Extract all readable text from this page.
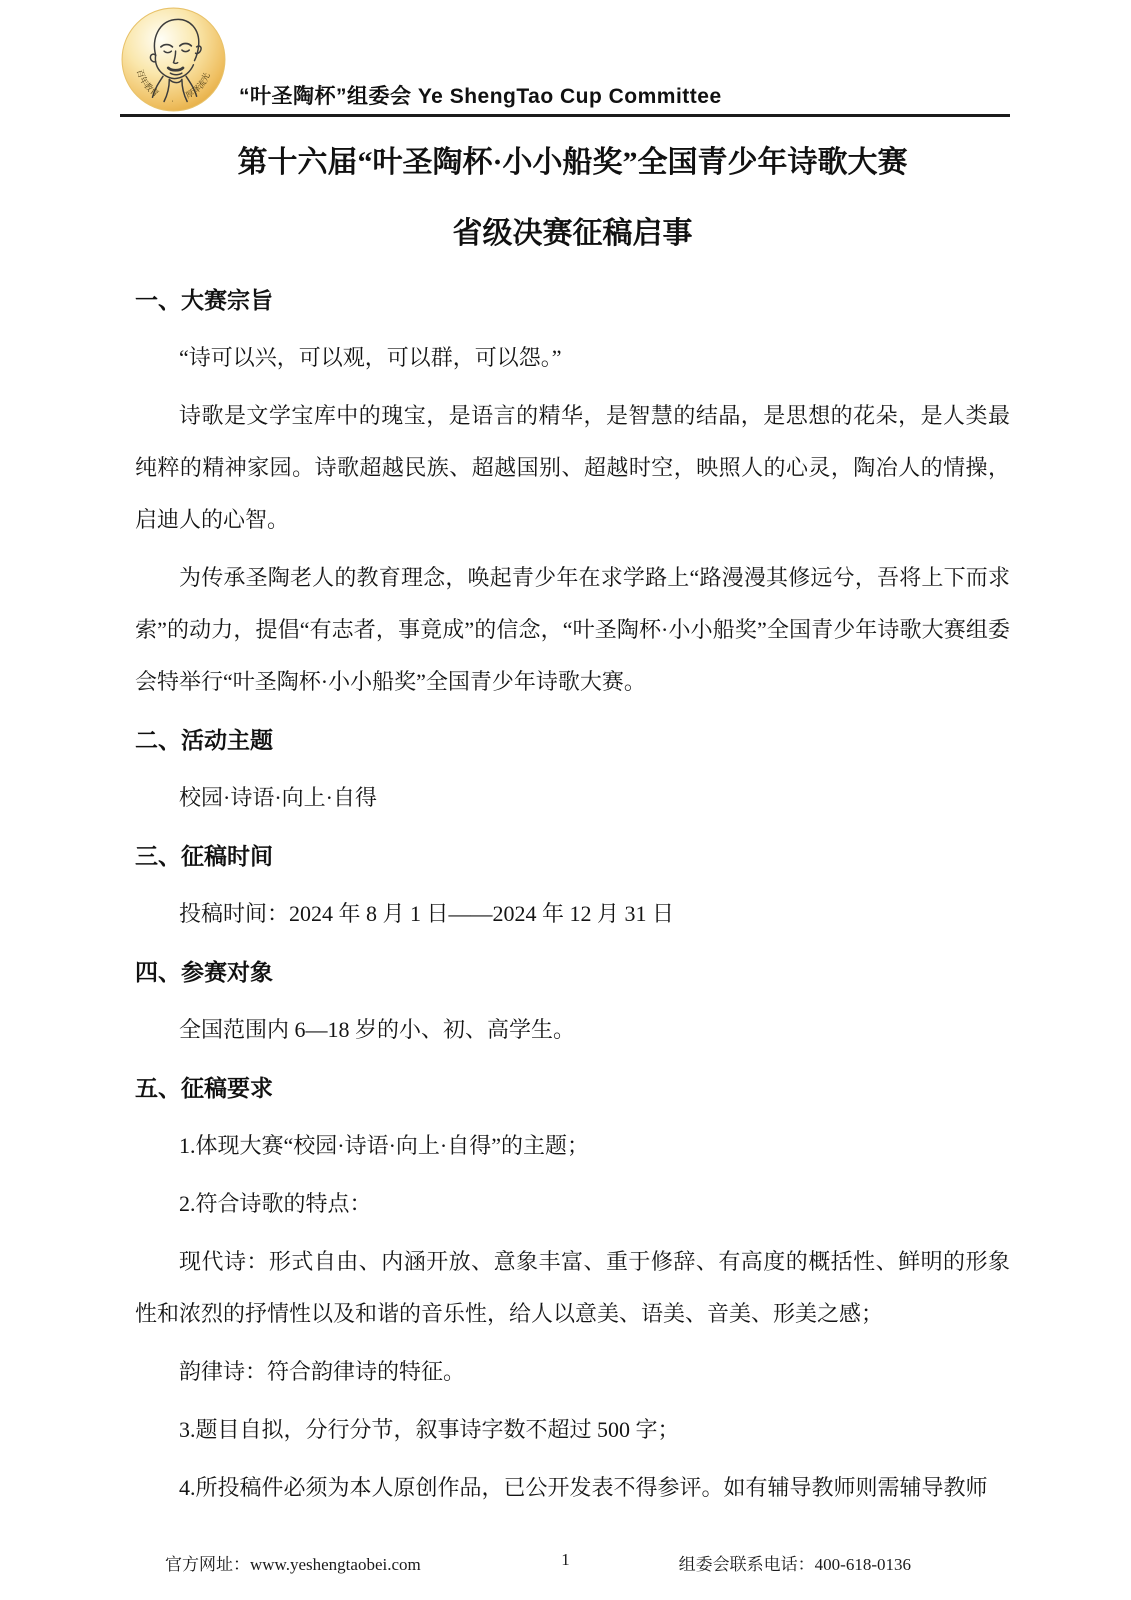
百年教育	厚泽流光
·	“叶圣陶杯”组委会 Ye ShengTao Cup Committee
第十六届“叶圣陶杯·小小船奖”全国青少年诗歌大赛
省级决赛征稿启事
一、大赛宗旨

“诗可以兴，可以观，可以群，可以怨。”

诗歌是文学宝库中的瑰宝，是语言的精华，是智慧的结晶，是思想的花朵，是人类最纯粹的精神家园。诗歌超越民族、超越国别、超越时空，映照人的心灵，陶冶人的情操，启迪人的心智。

为传承圣陶老人的教育理念，唤起青少年在求学路上“路漫漫其修远兮，吾将上下而求索”的动力，提倡“有志者，事竟成”的信念，“叶圣陶杯·小小船奖”全国青少年诗歌大赛组委会特举行“叶圣陶杯·小小船奖”全国青少年诗歌大赛。

二、活动主题

校园·诗语·向上·自得

三、征稿时间

投稿时间：2024 年 8 月 1 日——2024 年 12 月 31 日

四、参赛对象

全国范围内 6—18 岁的小、初、高学生。

五、征稿要求

1.体现大赛“校园·诗语·向上·自得”的主题；

2.符合诗歌的特点：

现代诗：形式自由、内涵开放、意象丰富、重于修辞、有高度的概括性、鲜明的形象性和浓烈的抒情性以及和谐的音乐性，给人以意美、语美、音美、形美之感；

韵律诗：符合韵律诗的特征。

3.题目自拟，分行分节，叙事诗字数不超过 500 字；

4.所投稿件必须为本人原创作品，已公开发表不得参评。如有辅导教师则需辅导教师

官方网址：www.yeshengtaobei.com	1	组委会联系电话：400-618-0136
